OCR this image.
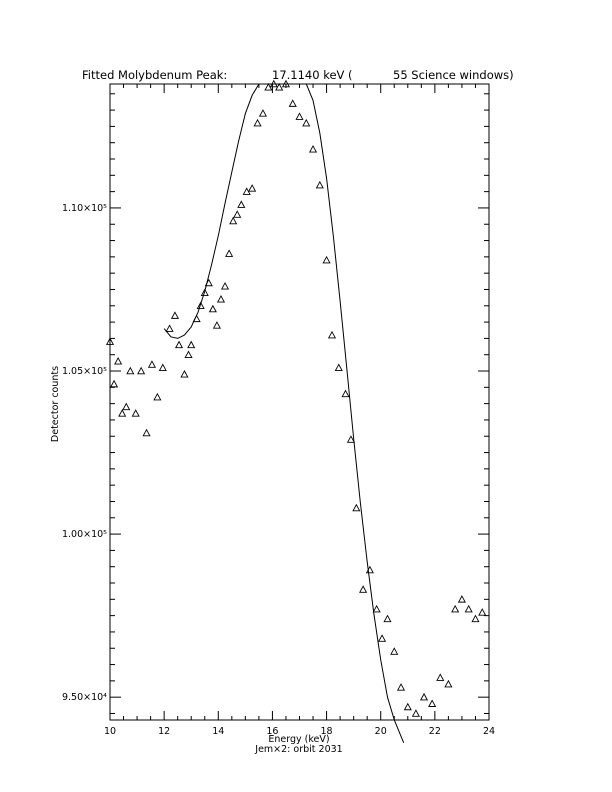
Fitted Molybdenum Peak:	17.1140 keV (	55 Science windows)
10	12	14	16	18	20	22	24
9.50×10⁴
1.00×10⁵
1.05×10⁵
1.10×10⁵
Energy (keV)
Jem×2: orbit 2031
Detector counts
